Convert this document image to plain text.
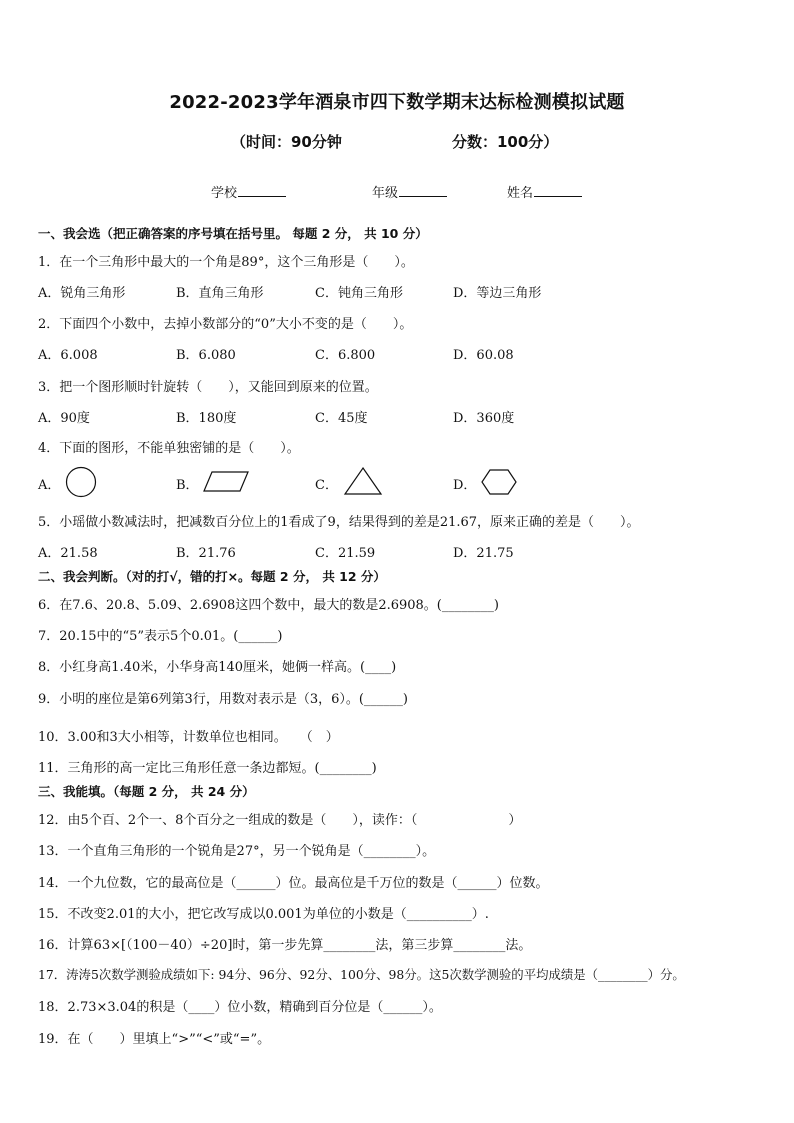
2022-2023学年酒泉市四下数学期末达标检测模拟试题
（时间：90分钟	分数：100分）
学校	年级	姓名
一、我会选（把正确答案的序号填在括号里。 每题 2 分， 共 10 分）
1．在一个三角形中最大的一个角是89°，这个三角形是（　　）。
A．锐角三角形	B．直角三角形	C．钝角三角形	D．等边三角形
2．下面四个小数中，去掉小数部分的“0”大小不变的是（　　）。
A．6.008	B．6.080	C．6.800	D．60.08
3．把一个图形顺时针旋转（　　），又能回到原来的位置。
A．90度	B．180度	C．45度	D．360度
4．下面的图形，不能单独密铺的是（　　）。
A．	B．	C．	D．
5．小瑶做小数减法时，把减数百分位上的1看成了9，结果得到的差是21.67，原来正确的差是（　　）。
A．21.58	B．21.76	C．21.59	D．21.75
二、我会判断。（对的打√，错的打×。每题 2 分， 共 12 分）
6．在7.6、20.8、5.09、2.6908这四个数中，最大的数是2.6908。(________)
7．20.15中的“5”表示5个0.01。(______)
8．小红身高1.40米，小华身高140厘米，她俩一样高。(____)
9．小明的座位是第6列第3行，用数对表示是（3，6）。(______)
10．3.00和3大小相等，计数单位也相同。　　（　）
11．三角形的高一定比三角形任意一条边都短。(________)
三、我能填。（每题 2 分， 共 24 分）
12．由5个百、2个一、8个百分之一组成的数是（　　），读作：（　　　　　　　）
13．一个直角三角形的一个锐角是27°，另一个锐角是（________）。
14．一个九位数，它的最高位是（______）位。最高位是千万位的数是（______）位数。
15．不改变2.01的大小，把它改写成以0.001为单位的小数是（__________）.
16．计算63×[（100－40）÷20]时，第一步先算________法，第三步算________法。
17．涛涛5次数学测验成绩如下: 94分、96分、92分、100分、98分。这5次数学测验的平均成绩是（________）分。
18．2.73×3.04的积是（____）位小数，精确到百分位是（______）。
19．在（　　）里填上“>”“<”或“=”。
